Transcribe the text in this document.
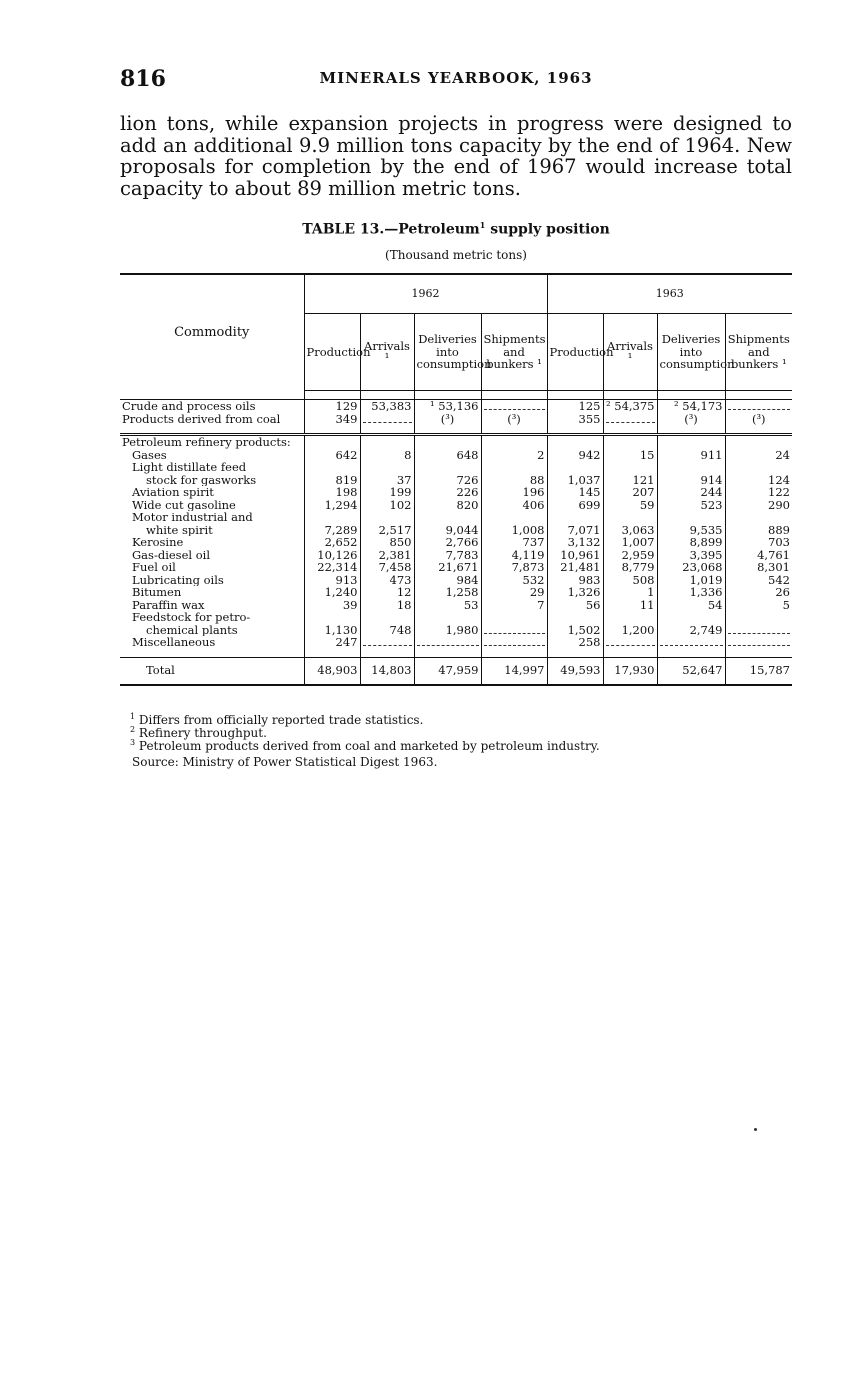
816	MINERALS YEARBOOK, 1963

lion tons, while expansion projects in progress were designed to add an additional 9.9 million tons capacity by the end of 1964. New proposals for completion by the end of 1967 would increase total capacity to about 89 million metric tons.

TABLE 13.—Petroleum$^1$ supply position
(Thousand metric tons)
Commodity	1962				1963			
	Production	Arrivals ¹	Deliveries into consumption	Shipments and bunkers ¹	Production	Arrivals ¹	Deliveries into consumption	Shipments and bunkers ¹

Crude and process oils	129	53,383	¹ 53,136		125	² 54,375	² 54,173	
Products derived from coal	349		(³)	(³)	355		(³)	(³)

Petroleum refinery products:								
Gases	642	8	648	2	942	15	911	24
Light distillate feed								
stock for gasworks	819	37	726	88	1,037	121	914	124
Aviation spirit	198	199	226	196	145	207	244	122
Wide cut gasoline	1,294	102	820	406	699	59	523	290
Motor industrial and								
white spirit	7,289	2,517	9,044	1,008	7,071	3,063	9,535	889
Kerosine	2,652	850	2,766	737	3,132	1,007	8,899	703
Gas-diesel oil	10,126	2,381	7,783	4,119	10,961	2,959	3,395	4,761
Fuel oil	22,314	7,458	21,671	7,873	21,481	8,779	23,068	8,301
Lubricating oils	913	473	984	532	983	508	1,019	542
Bitumen	1,240	12	1,258	29	1,326	1	1,336	26
Paraffin wax	39	18	53	7	56	11	54	5
Feedstock for petro-								
chemical plants	1,130	748	1,980		1,502	1,200	2,749	
Miscellaneous	247				258			

Total	48,903	14,803	47,959	14,997	49,593	17,930	52,647	15,787

$^1$ Differs from officially reported trade statistics.

$^2$ Refinery throughput.

$^3$ Petroleum products derived from coal and marketed by petroleum industry.

Source: Ministry of Power Statistical Digest 1963.
